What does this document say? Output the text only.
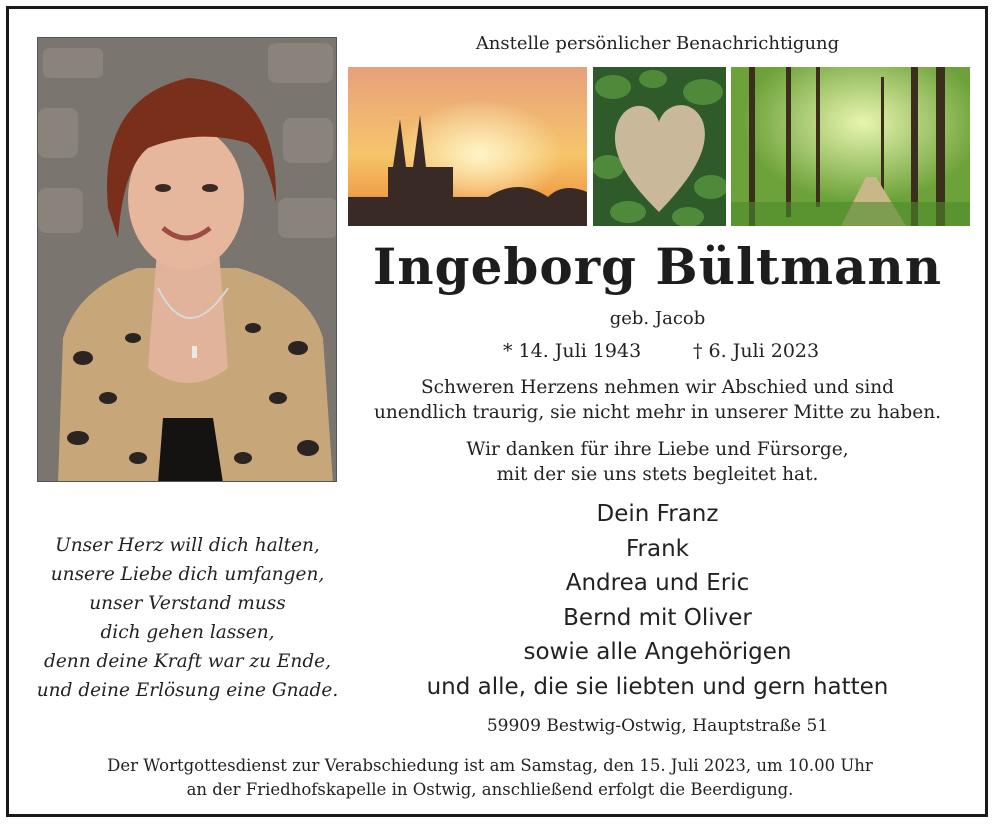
Anstelle persönlicher Benachrichtigung
Ingeborg Bültmann
geb. Jacob
* 14. Juli 1943	† 6. Juli 2023
Schweren Herzens nehmen wir Abschied und sind
unendlich traurig, sie nicht mehr in unserer Mitte zu haben.
Wir danken für ihre Liebe und Fürsorge,
mit der sie uns stets begleitet hat.
Unser Herz will dich halten,
unsere Liebe dich umfangen,
unser Verstand muss
dich gehen lassen,
denn deine Kraft war zu Ende,
und deine Erlösung eine Gnade.
Dein Franz
Frank
Andrea und Eric
Bernd mit Oliver
sowie alle Angehörigen
und alle, die sie liebten und gern hatten
59909 Bestwig-Ostwig, Hauptstraße 51
Der Wortgottesdienst zur Verabschiedung ist am Samstag, den 15. Juli 2023, um 10.00 Uhr
an der Friedhofskapelle in Ostwig, anschließend erfolgt die Beerdigung.
